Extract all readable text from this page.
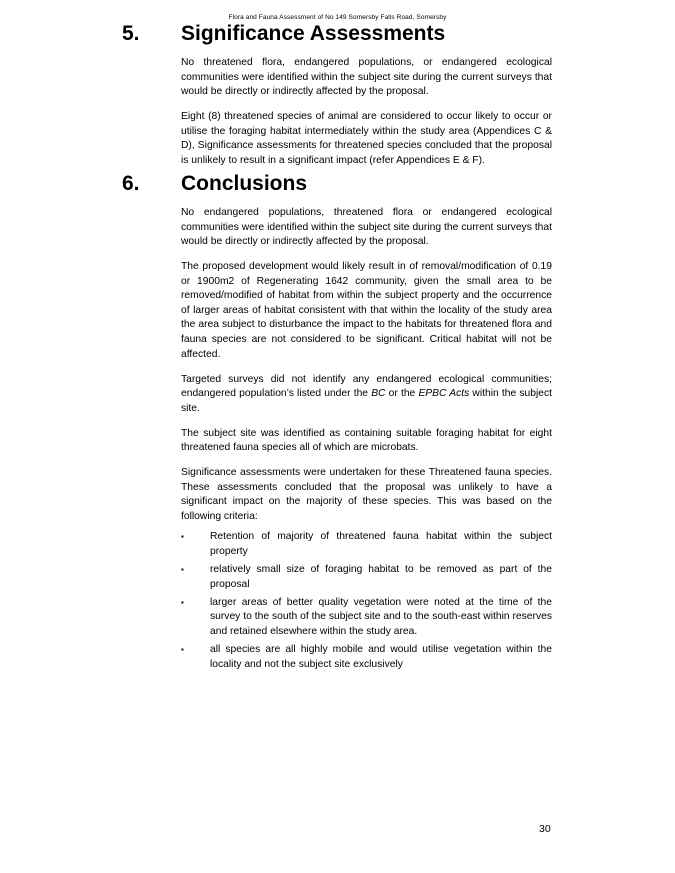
Flora and Fauna Assessment of No 149 Somersby Falls Road, Somersby
5. Significance Assessments

No threatened flora, endangered populations, or endangered ecological communities were identified within the subject site during the current surveys that would be directly or indirectly affected by the proposal.

Eight (8) threatened species of animal are considered to occur likely to occur or utilise the foraging habitat intermediately within the study area (Appendices C & D), Significance assessments for threatened species concluded that the proposal is unlikely to result in a significant impact (refer Appendices E & F).

6. Conclusions

No endangered populations, threatened flora or endangered ecological communities were identified within the subject site during the current surveys that would be directly or indirectly affected by the proposal.

The proposed development would likely result in of removal/modification of 0.19 or 1900m2 of Regenerating 1642 community, given the small area to be removed/modified of habitat from within the subject property and the occurrence of larger areas of habitat consistent with that within the locality of the study area the area subject to disturbance the impact to the habitats for threatened flora and fauna species are not considered to be significant. Critical habitat will not be affected.

Targeted surveys did not identify any endangered ecological communities; endangered population’s listed under the BC or the EPBC Acts within the subject site.

The subject site was identified as containing suitable foraging habitat for eight threatened fauna species all of which are microbats.

Significance assessments were undertaken for these Threatened fauna species. These assessments concluded that the proposal was unlikely to have a significant impact on the majority of these species. This was based on the following criteria:

▪	Retention of majority of threatened fauna habitat within the subject property
▪	relatively small size of foraging habitat to be removed as part of the proposal
▪	larger areas of better quality vegetation were noted at the time of the survey to the south of the subject site and to the south-east within reserves and retained elsewhere within the study area.
▪	all species are all highly mobile and would utilise vegetation within the locality and not the subject site exclusively
30
